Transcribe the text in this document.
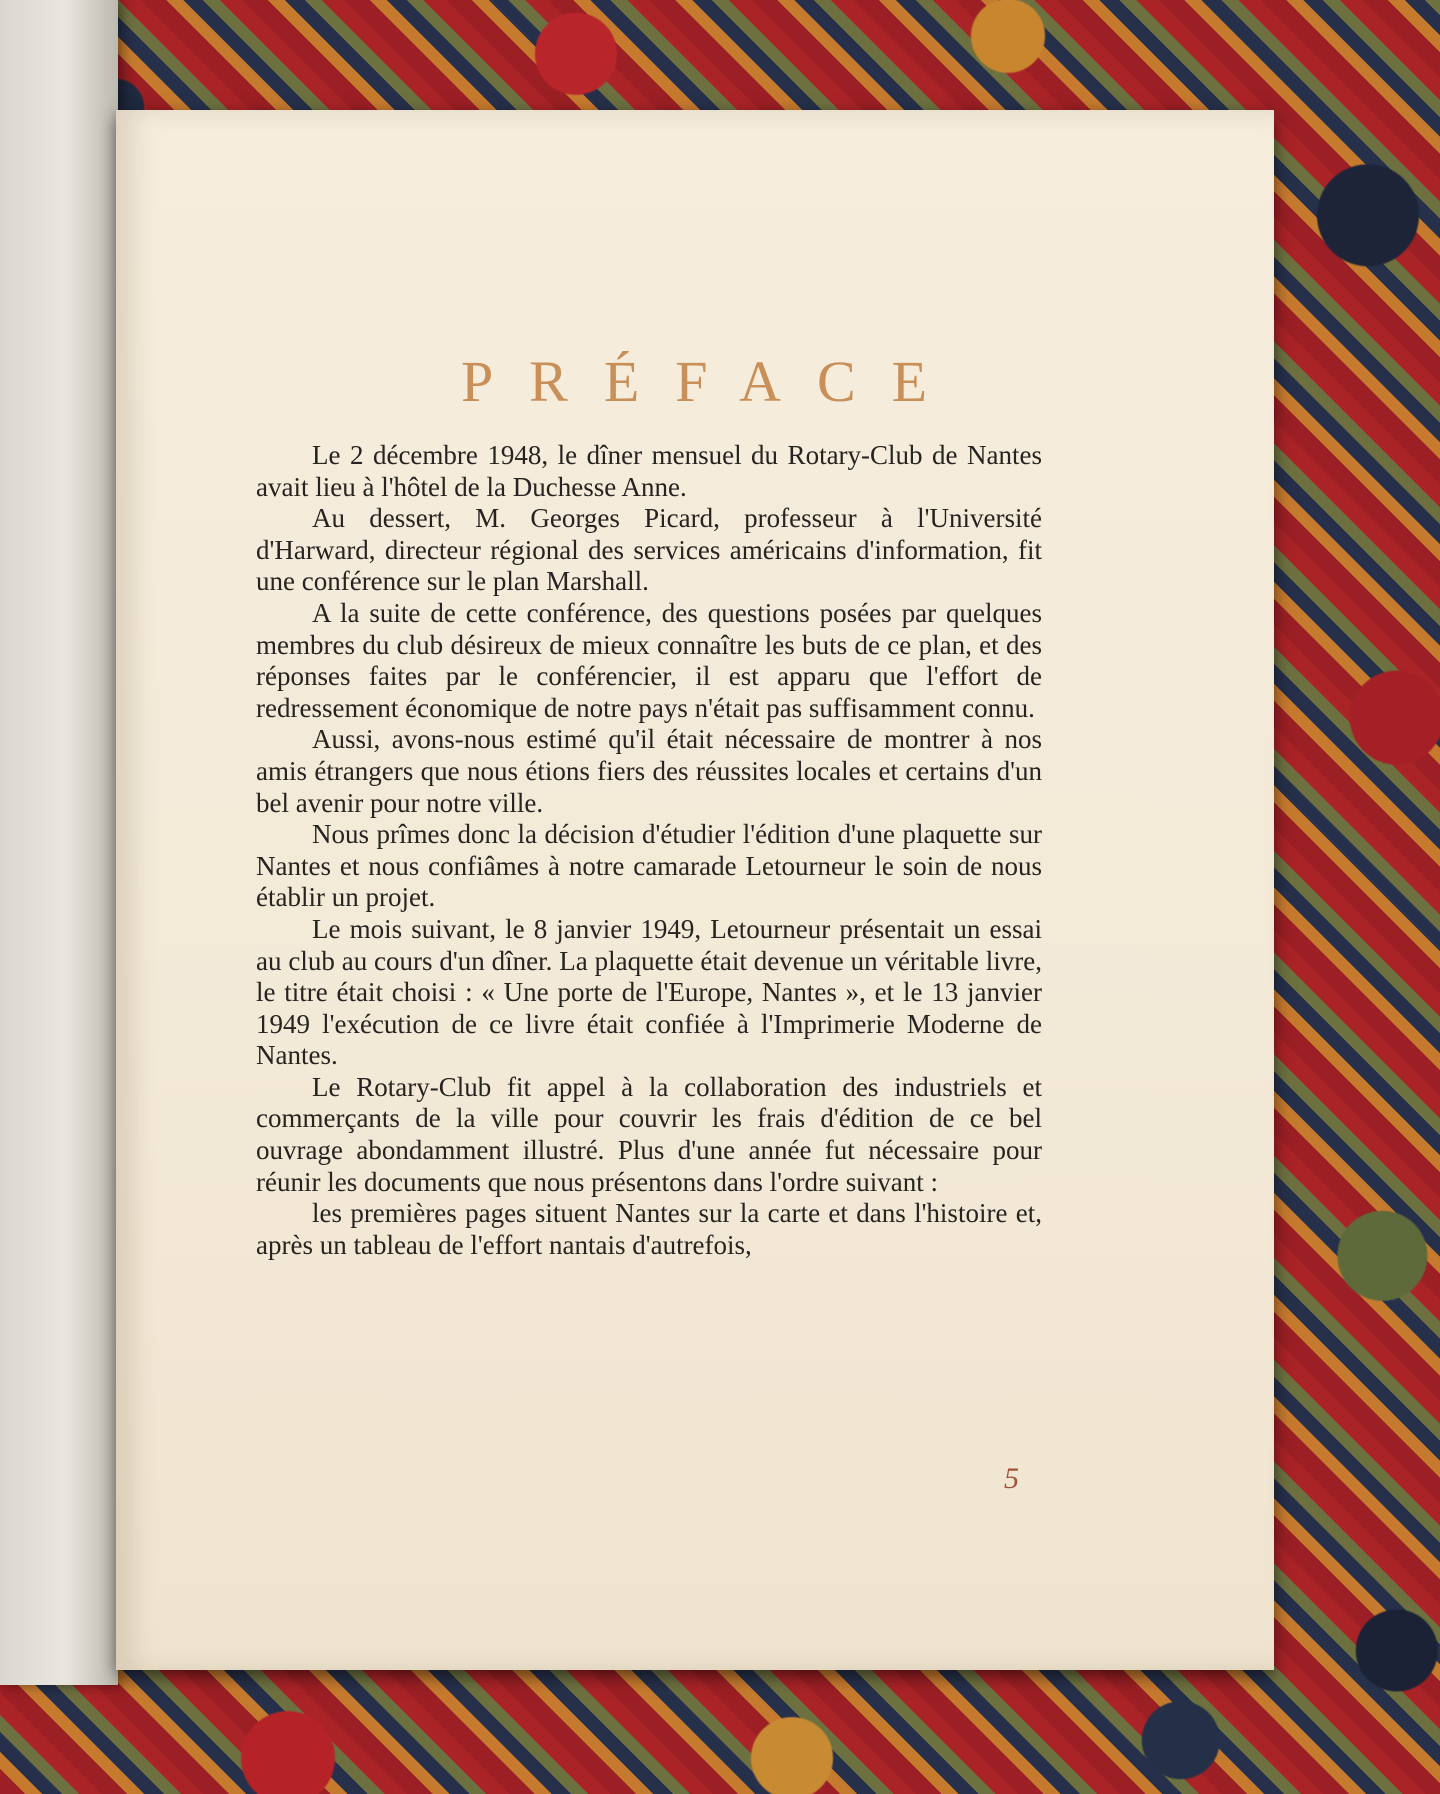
PRÉFACE

Le 2 décembre 1948, le dîner mensuel du Rotary-Club de Nantes avait lieu à l'hôtel de la Duchesse Anne.

Au dessert, M. Georges Picard, professeur à l'Université d'Harward, directeur régional des services américains d'information, fit une conférence sur le plan Marshall.

A la suite de cette conférence, des questions posées par quelques membres du club désireux de mieux connaître les buts de ce plan, et des réponses faites par le conférencier, il est apparu que l'effort de redressement économique de notre pays n'était pas suffisamment connu.

Aussi, avons-nous estimé qu'il était nécessaire de montrer à nos amis étrangers que nous étions fiers des réussites locales et certains d'un bel avenir pour notre ville.

Nous prîmes donc la décision d'étudier l'édition d'une plaquette sur Nantes et nous confiâmes à notre camarade Letourneur le soin de nous établir un projet.

Le mois suivant, le 8 janvier 1949, Letourneur présentait un essai au club au cours d'un dîner. La plaquette était devenue un véritable livre, le titre était choisi : « Une porte de l'Europe, Nantes », et le 13 janvier 1949 l'exécution de ce livre était confiée à l'Imprimerie Moderne de Nantes.

Le Rotary-Club fit appel à la collaboration des industriels et commerçants de la ville pour couvrir les frais d'édition de ce bel ouvrage abondamment illustré. Plus d'une année fut nécessaire pour réunir les documents que nous présentons dans l'ordre suivant :

les premières pages situent Nantes sur la carte et dans l'histoire et, après un tableau de l'effort nantais d'autrefois,

5
